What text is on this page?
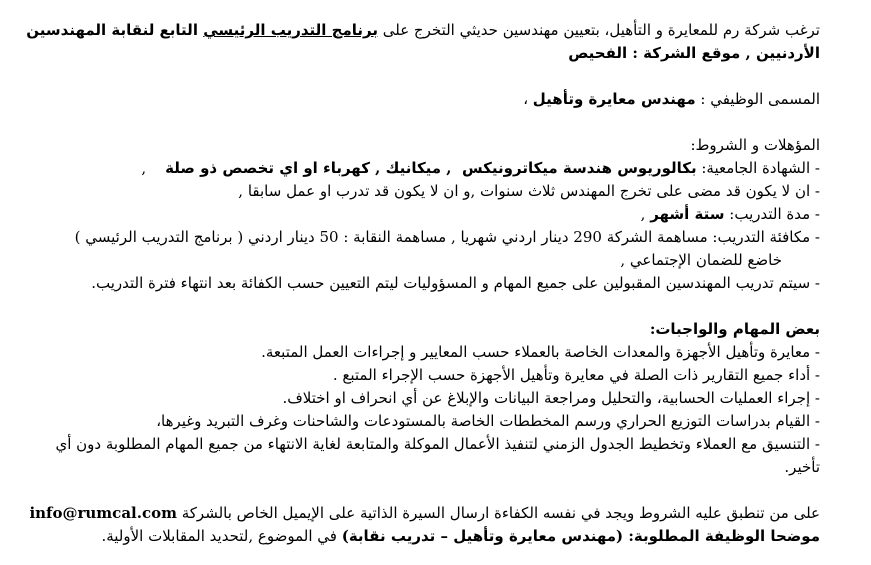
ترغب شركة رم للمعايرة و التأهيل، بتعيين مهندسين حديثي التخرج على برنامج التدريب الرئيسي التابع لنقابة المهندسين
الأردنيين , موقع الشركة : الفحيص
المسمى الوظيفي : مهندس معايرة وتأهيل ،
المؤهلات و الشروط:
- الشهادة الجامعية: بكالوريوس هندسة ميكاترونيكس  , ميكانيك , كهرباء او اي تخصص ذو صلة    ,
- ان لا يكون قد مضى على تخرج المهندس ثلاث سنوات ,و ان لا يكون قد تدرب او عمل سابقا ,
- مدة التدريب: ستة أشهر ,
- مكافئة التدريب: مساهمة الشركة 290 دينار اردني شهريا , مساهمة النقابة : 50 دينار اردني ( برنامج التدريب الرئيسي )
خاضع للضمان الإجتماعي ,
- سيتم تدريب المهندسين المقبولين على جميع المهام و المسؤوليات ليتم التعيين حسب الكفائة بعد انتهاء فترة التدريب.
بعض المهام والواجبات:
- معايرة وتأهيل الأجهزة والمعدات الخاصة بالعملاء حسب المعايير و إجراءات العمل المتبعة.
- أداء جميع التقارير ذات الصلة في معايرة وتأهيل الأجهزة حسب الإجراء المتبع .
- إجراء العمليات الحسابية، والتحليل ومراجعة البيانات والإبلاغ عن أي انحراف او اختلاف.
- القيام بدراسات التوزيع الحراري ورسم المخططات الخاصة بالمستودعات والشاحنات وغرف التبريد وغيرها،
- التنسيق مع العملاء وتخطيط الجدول الزمني لتنفيذ الأعمال الموكلة والمتابعة لغاية الانتهاء من جميع المهام المطلوبة دون أي
تأخير.
على من تنطبق عليه الشروط ويجد في نفسه الكفاءة ارسال السيرة الذاتية على الإيميل الخاص بالشركة info@rumcal.com
موضحا الوظيفة المطلوبة: (مهندس معايرة وتأهيل – تدريب نقابة) في الموضوع ,لتحديد المقابلات الأولية.
